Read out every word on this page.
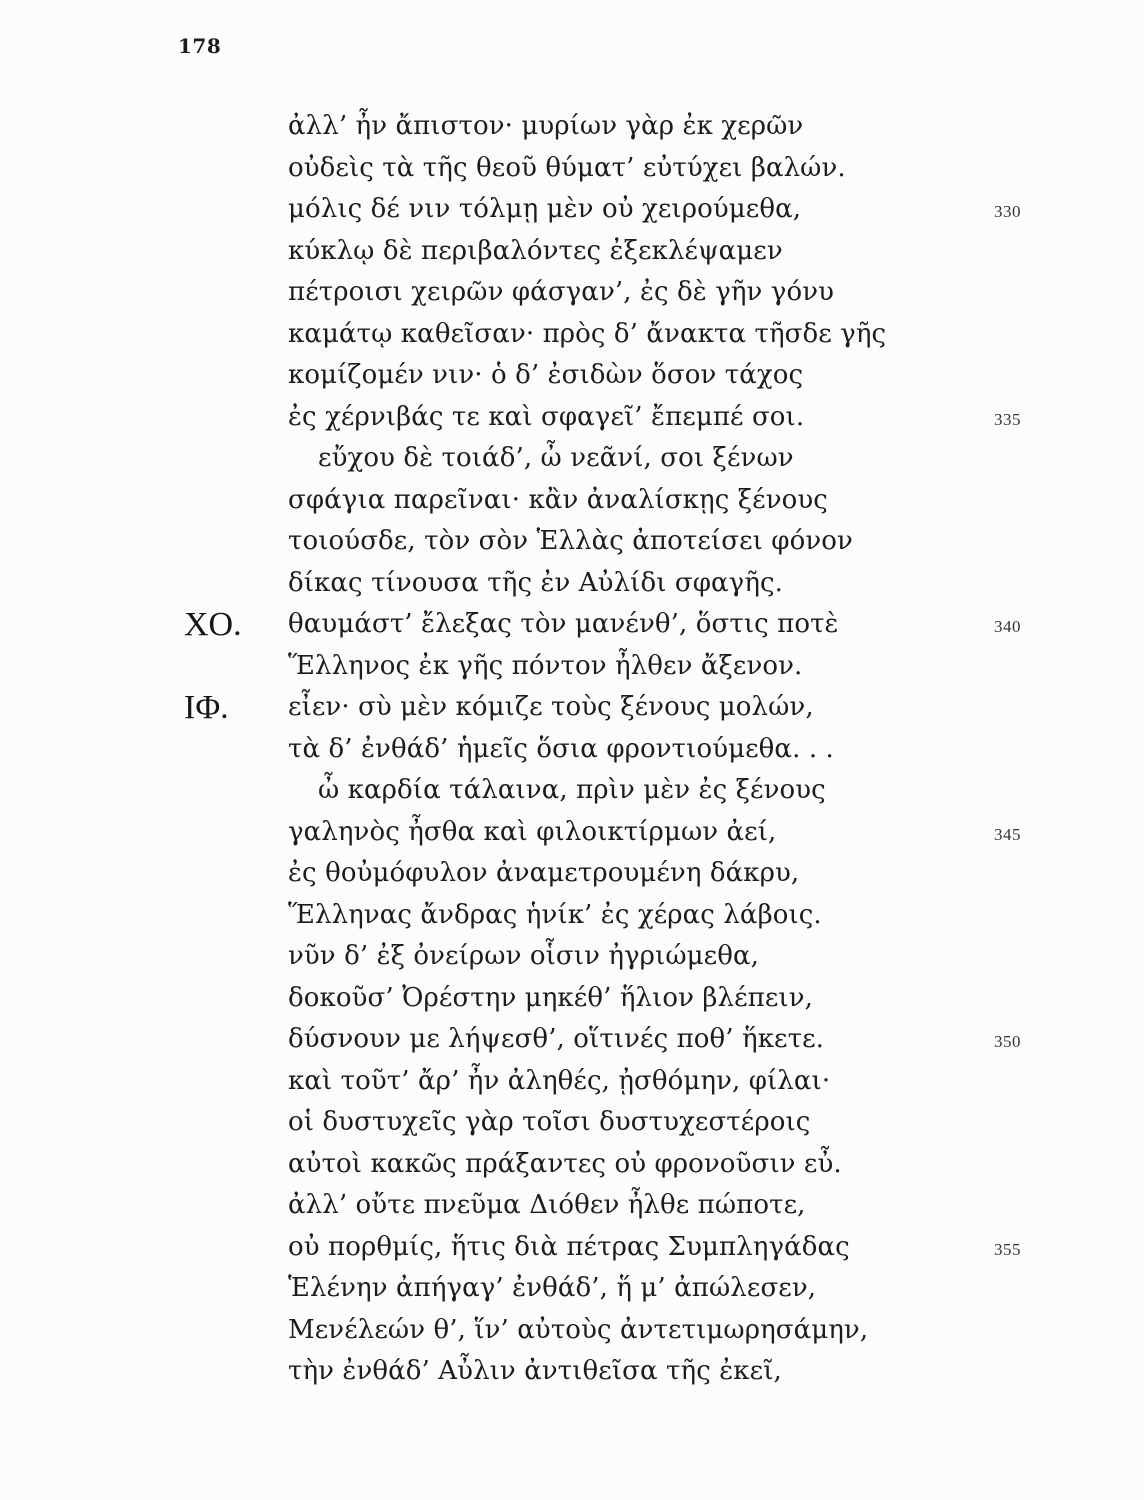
178
ἀλλ’ ἦν ἄπιστον· μυρίων γὰρ ἐκ χερῶν
οὐδεὶς τὰ τῆς θεοῦ θύματ’ εὐτύχει βαλών.
μόλις δέ νιν τόλμῃ μὲν οὐ χειρούμεθα,	330
κύκλῳ δὲ περιβαλόντες ἐξεκλέψαμεν
πέτροισι χειρῶν φάσγαν’, ἐς δὲ γῆν γόνυ
καμάτῳ καθεῖσαν· πρὸς δ’ ἄνακτα τῆσδε γῆς
κομίζομέν νιν· ὁ δ’ ἐσιδὼν ὅσον τάχος
ἐς χέρνιβάς τε καὶ σφαγεῖ’ ἔπεμπέ σοι.	335
εὔχου δὲ τοιάδ’, ὦ νεᾶνί, σοι ξένων
σφάγια παρεῖναι· κἂν ἀναλίσκῃς ξένους
τοιούσδε, τὸν σὸν Ἑλλὰς ἀποτείσει φόνον
δίκας τίνουσα τῆς ἐν Αὐλίδι σφαγῆς.
ΧΟ. θαυμάστ’ ἔλεξας τὸν μανένθ’, ὅστις ποτὲ	340
Ἕλληνος ἐκ γῆς πόντον ἦλθεν ἄξενον.
ΙΦ. εἶεν· σὺ μὲν κόμιζε τοὺς ξένους μολών,
τὰ δ’ ἐνθάδ’ ἡμεῖς ὅσια φροντιούμεθα. . .
ὦ καρδία τάλαινα, πρὶν μὲν ἐς ξένους
γαληνὸς ἦσθα καὶ φιλοικτίρμων ἀεί,	345
ἐς θοὐμόφυλον ἀναμετρουμένη δάκρυ,
Ἕλληνας ἄνδρας ἡνίκ’ ἐς χέρας λάβοις.
νῦν δ’ ἐξ ὀνείρων οἷσιν ἠγριώμεθα,
δοκοῦσ’ Ὀρέστην μηκέθ’ ἥλιον βλέπειν,
δύσνουν με λήψεσθ’, οἵτινές ποθ’ ἥκετε.	350
καὶ τοῦτ’ ἄρ’ ἦν ἀληθές, ᾐσθόμην, φίλαι·
οἱ δυστυχεῖς γὰρ τοῖσι δυστυχεστέροις
αὐτοὶ κακῶς πράξαντες οὐ φρονοῦσιν εὖ.
ἀλλ’ οὔτε πνεῦμα Διόθεν ἦλθε πώποτε,
οὐ πορθμίς, ἥτις διὰ πέτρας Συμπληγάδας	355
Ἑλένην ἀπήγαγ’ ἐνθάδ’, ἥ μ’ ἀπώλεσεν,
Μενέλεών θ’, ἵν’ αὐτοὺς ἀντετιμωρησάμην,
τὴν ἐνθάδ’ Αὖλιν ἀντιθεῖσα τῆς ἐκεῖ,
